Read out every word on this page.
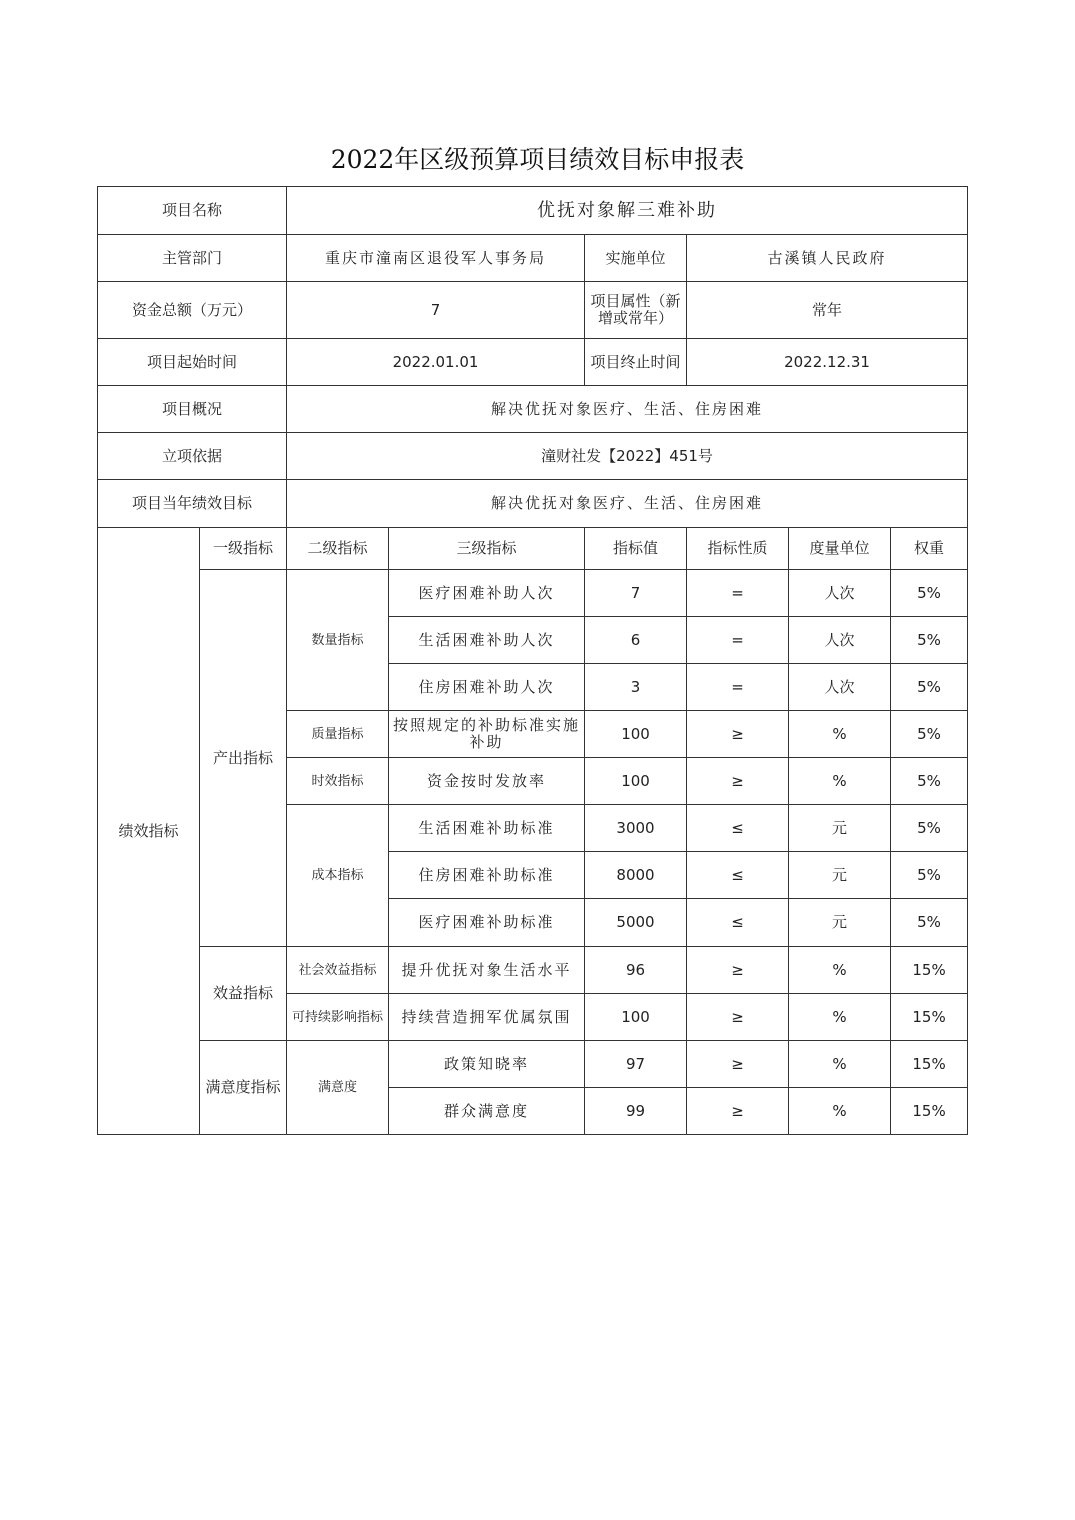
2022年区级预算项目绩效目标申报表
项目名称		优抚对象解三难补助					
主管部门		重庆市潼南区退役军人事务局		实施单位	古溪镇人民政府		
资金总额（万元）		7		项目属性（新增或常年）	常年		
项目起始时间		2022.01.01		项目终止时间	2022.12.31		
项目概况		解决优抚对象医疗、生活、住房困难					
立项依据		潼财社发【2022】451号					
项目当年绩效目标		解决优抚对象医疗、生活、住房困难					
绩效指标	一级指标	二级指标	三级指标	指标值	指标性质	度量单位	权重
	产出指标	数量指标	医疗困难补助人次	7	=	人次	5%
			生活困难补助人次	6	=	人次	5%
			住房困难补助人次	3	=	人次	5%
		质量指标	按照规定的补助标准实施补助	100	≥	%	5%
		时效指标	资金按时发放率	100	≥	%	5%
		成本指标	生活困难补助标准	3000	≤	元	5%
			住房困难补助标准	8000	≤	元	5%
			医疗困难补助标准	5000	≤	元	5%
	效益指标	社会效益指标	提升优抚对象生活水平	96	≥	%	15%
		可持续影响指标	持续营造拥军优属氛围	100	≥	%	15%
	满意度指标	满意度	政策知晓率	97	≥	%	15%
			群众满意度	99	≥	%	15%
